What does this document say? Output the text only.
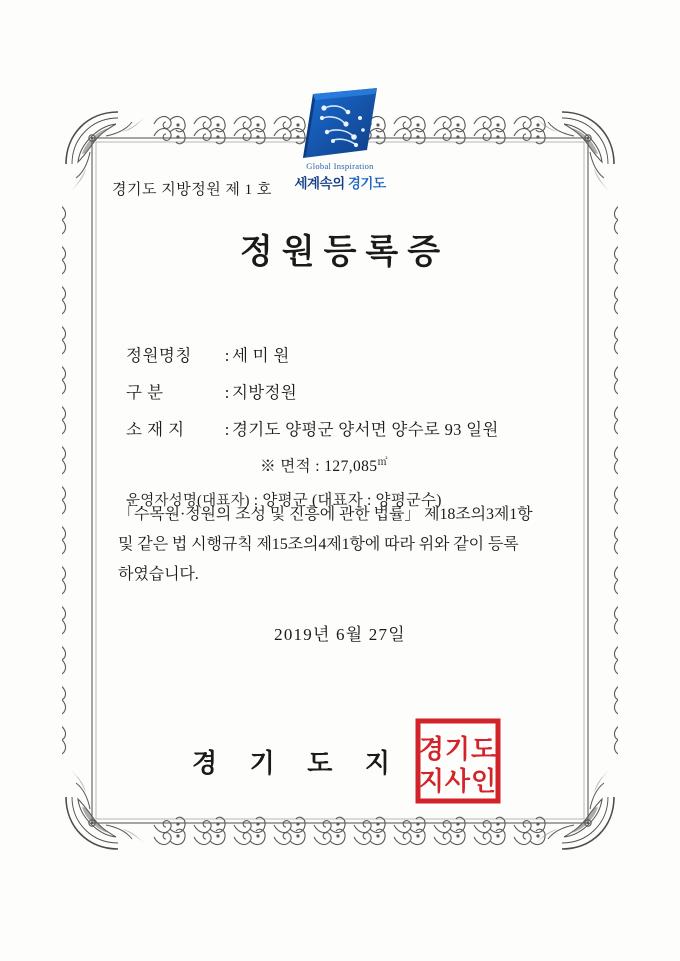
Global Inspiration
세계속의 경기도
경기도 지방정원 제 1 호
정원등록증
정원명칭	: 세 미 원
구 분	: 지방정원
소 재 지	: 경기도 양평군 양서면 양수로 93 일원
※ 면적 : 127,085㎡
운영자성명(대표자) : 양평군 (대표자 : 양평군수)
「수목원·정원의 조성 및 진흥에 관한 법률」 제18조의3제1항
및 같은 법 시행규칙 제15조의4제1항에 따라 위와 같이 등록
하였습니다.
2019년 6월 27일
경 기 도 지 경기도
지사인
